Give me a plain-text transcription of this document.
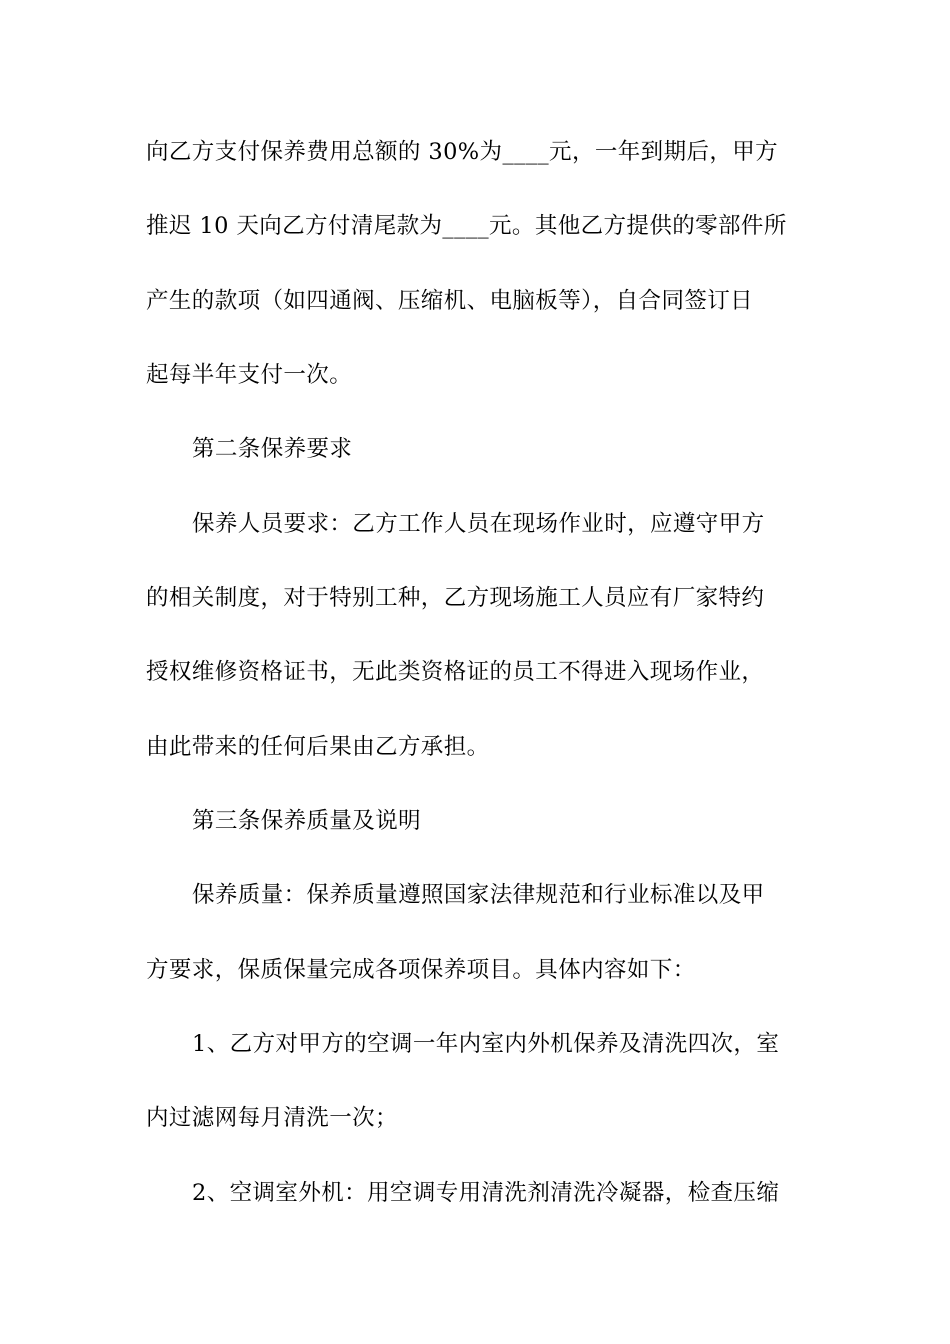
向乙方支付保养费用总额的 30%为____元，一年到期后，甲方
推迟 10 天向乙方付清尾款为____元。其他乙方提供的零部件所
产生的款项（如四通阀、压缩机、电脑板等），自合同签订日
起每半年支付一次。
第二条保养要求
保养人员要求：乙方工作人员在现场作业时，应遵守甲方
的相关制度，对于特别工种，乙方现场施工人员应有厂家特约
授权维修资格证书，无此类资格证的员工不得进入现场作业，
由此带来的任何后果由乙方承担。
第三条保养质量及说明
保养质量：保养质量遵照国家法律规范和行业标准以及甲
方要求，保质保量完成各项保养项目。具体内容如下：
1、乙方对甲方的空调一年内室内外机保养及清洗四次，室
内过滤网每月清洗一次；
2、空调室外机：用空调专用清洗剂清洗冷凝器，检查压缩
